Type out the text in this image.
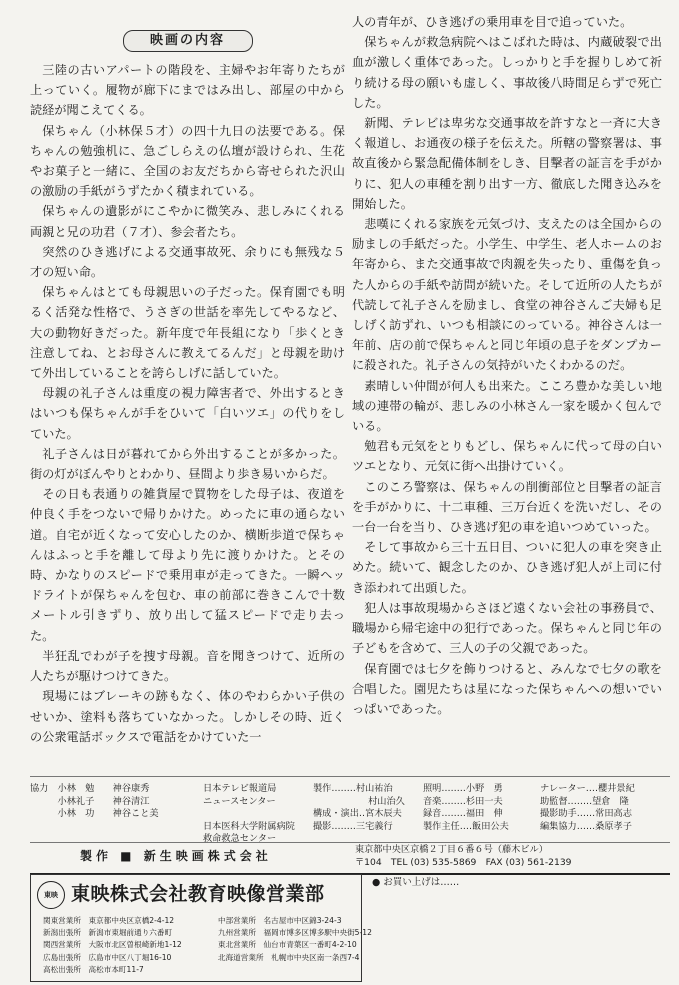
映画の内容

三陸の古いアパートの階段を、主婦やお年寄りたちが上っていく。履物が廊下にまではみ出し、部屋の中から読経が聞こえてくる。

保ちゃん（小林保５才）の四十九日の法要である。保ちゃんの勉強机に、急ごしらえの仏壇が設けられ、生花やお菓子と一緒に、全国のお友だちから寄せられた沢山の激励の手紙がうずたかく積まれている。

保ちゃんの遺影がにこやかに微笑み、悲しみにくれる両親と兄の功君（７才）、参会者たち。

突然のひき逃げによる交通事故死、余りにも無残な５才の短い命。

保ちゃんはとても母親思いの子だった。保育園でも明るく活発な性格で、うさぎの世話を率先してやるなど、大の動物好きだった。新年度で年長組になり「歩くとき注意してね、とお母さんに教えてるんだ」と母親を助けて外出していることを誇らしげに話していた。

母親の礼子さんは重度の視力障害者で、外出するときはいつも保ちゃんが手をひいて「白いツエ」の代りをしていた。

礼子さんは日が暮れてから外出することが多かった。街の灯がぼんやりとわかり、昼間より歩き易いからだ。

その日も表通りの雑貨屋で買物をした母子は、夜道を仲良く手をつないで帰りかけた。めったに車の通らない道。自宅が近くなって安心したのか、横断歩道で保ちゃんはふっと手を離して母より先に渡りかけた。とその時、かなりのスピードで乗用車が走ってきた。一瞬ヘッドライトが保ちゃんを包む、車の前部に巻きこんで十数メートル引きずり、放り出して猛スピードで走り去った。

半狂乱でわが子を捜す母親。音を聞きつけて、近所の人たちが駆けつけてきた。

現場にはブレーキの跡もなく、体のやわらかい子供のせいか、塗料も落ちていなかった。しかしその時、近くの公衆電話ボックスで電話をかけていた一

人の青年が、ひき逃げの乗用車を目で追っていた。

保ちゃんが救急病院へはこばれた時は、内蔵破裂で出血が激しく重体であった。しっかりと手を握りしめて祈り続ける母の願いも虚しく、事故後八時間足らずで死亡した。

新聞、テレビは卑劣な交通事故を許すなと一斉に大きく報道し、お通夜の様子を伝えた。所轄の警察署は、事故直後から緊急配備体制をしき、目撃者の証言を手がかりに、犯人の車種を割り出す一方、徹底した聞き込みを開始した。

悲嘆にくれる家族を元気づけ、支えたのは全国からの励ましの手紙だった。小学生、中学生、老人ホームのお年寄から、また交通事故で肉親を失ったり、重傷を負った人からの手紙や訪問が続いた。そして近所の人たちが代読して礼子さんを励まし、食堂の神谷さんご夫婦も足しげく訪ずれ、いつも相談にのっている。神谷さんは一年前、店の前で保ちゃんと同じ年頃の息子をダンプカーに殺された。礼子さんの気持がいたくわかるのだ。

素晴しい仲間が何人も出来た。こころ豊かな美しい地域の連帯の輪が、悲しみの小林さん一家を暖かく包んでいる。

勉君も元気をとりもどし、保ちゃんに代って母の白いツエとなり、元気に街へ出掛けていく。

このころ警察は、保ちゃんの削衝部位と目撃者の証言を手がかりに、十二車種、三万台近くを洗いだし、その一台一台を当り、ひき逃げ犯の車を追いつめていった。

そして事故から三十五日目、ついに犯人の車を突き止めた。続いて、観念したのか、ひき逃げ犯人が上司に付き添われて出頭した。

犯人は事故現場からさほど遠くない会社の事務員で、職場から帰宅途中の犯行であった。保ちゃんと同じ年の子どもを含めて、三人の子の父親であった。

保育園では七夕を飾りつけると、みんなで七夕の歌を合唱した。園児たちは星になった保ちゃんへの想いでいっぱいであった。

協力　小林　勉　　神谷康秀
　　　小林礼子　　神谷清江
　　　小林　功　　神谷こと美
日本テレビ報道局
ニュースセンター

日本医科大学附属病院
救命救急センター
製作‥‥‥‥村山祐治
　　　　　　村山治久
構成・演出‥宮木辰夫
撮影‥‥‥‥三宅義行
照明‥‥‥‥小野　勇
音楽‥‥‥‥杉田一夫
録音‥‥‥‥福田　伸
製作主任‥‥飯田公夫
ナレーター‥‥櫻井景紀
助監督‥‥‥‥望倉　隆
撮影助手‥‥‥常田高志
編集協力‥‥‥桑原孝子
製作 ■ 新生映画株式会社	東京都中央区京橋２丁目６番６号（藤木ビル）
〒104　TEL (03) 535-5869　FAX (03) 561-2139
東映 東映株式会社教育映像営業部
関東営業所　東京都中央区京橋2-4-12
新潟出張所　新潟市東堀前通り六番町
関西営業所　大阪市北区曽根崎新地1-12
広島出張所　広島市中区八丁堀16-10
高松出張所　高松市本町11-7
中部営業所　名古屋市中区錦3-24-3
九州営業所　福岡市博多区博多駅中央街5-12
東北営業所　仙台市青葉区一番町4-2-10
北海道営業所　札幌市中央区南一条西7-4
● お買い上げは……
